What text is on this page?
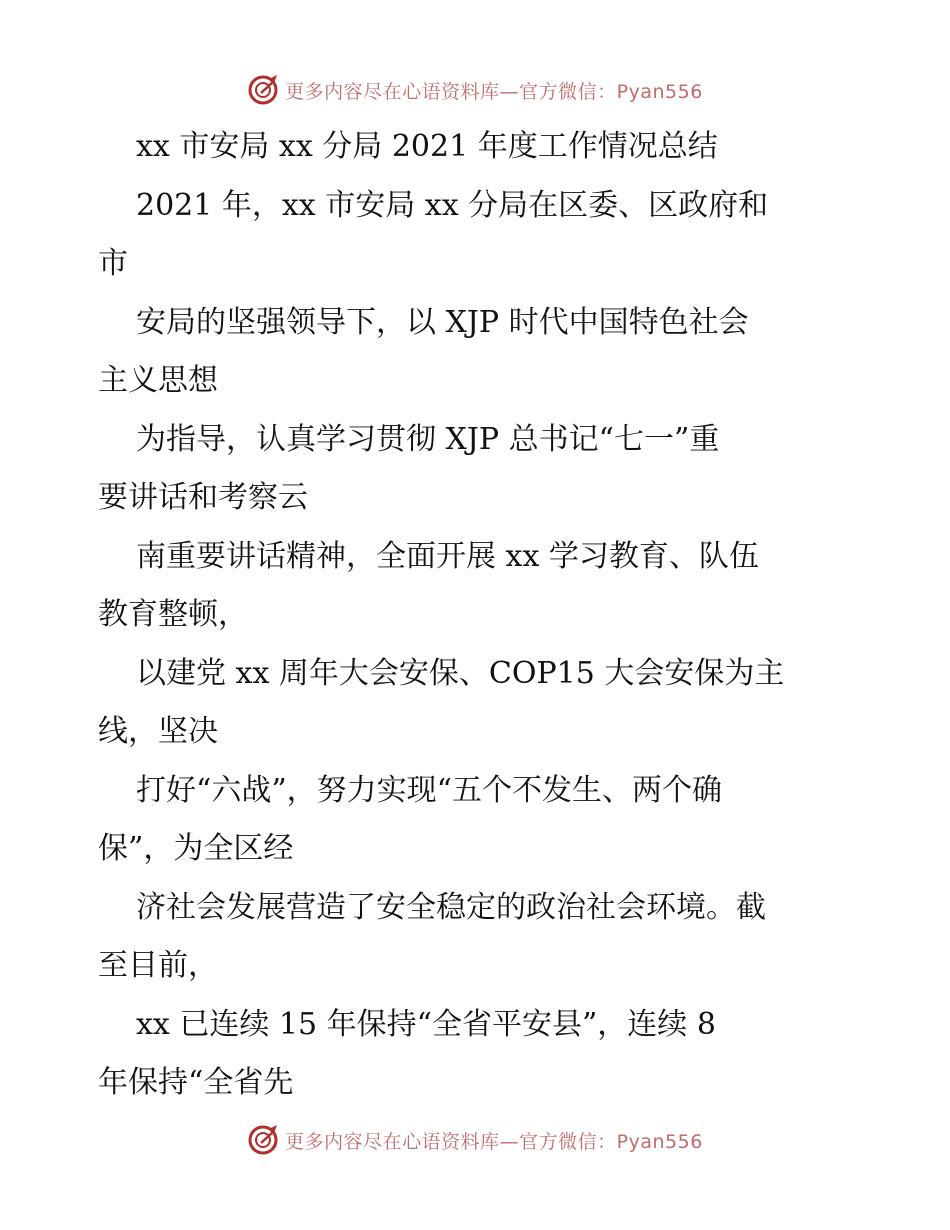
更多内容尽在心语资料库—官方微信：Pyan556
xx 市安局 xx 分局 2021 年度工作情况总结
2021 年，xx 市安局 xx 分局在区委、区政府和
市
安局的坚强领导下，以 XJP 时代中国特色社会
主义思想
为指导，认真学习贯彻 XJP 总书记“七一”重
要讲话和考察云
南重要讲话精神，全面开展 xx 学习教育、队伍
教育整顿，
以建党 xx 周年大会安保、COP15 大会安保为主
线，坚决
打好“六战”，努力实现“五个不发生、两个确
保”，为全区经
济社会发展营造了安全稳定的政治社会环境。截
至目前，
xx 已连续 15 年保持“全省平安县”，连续 8
年保持“全省先
更多内容尽在心语资料库—官方微信：Pyan556
